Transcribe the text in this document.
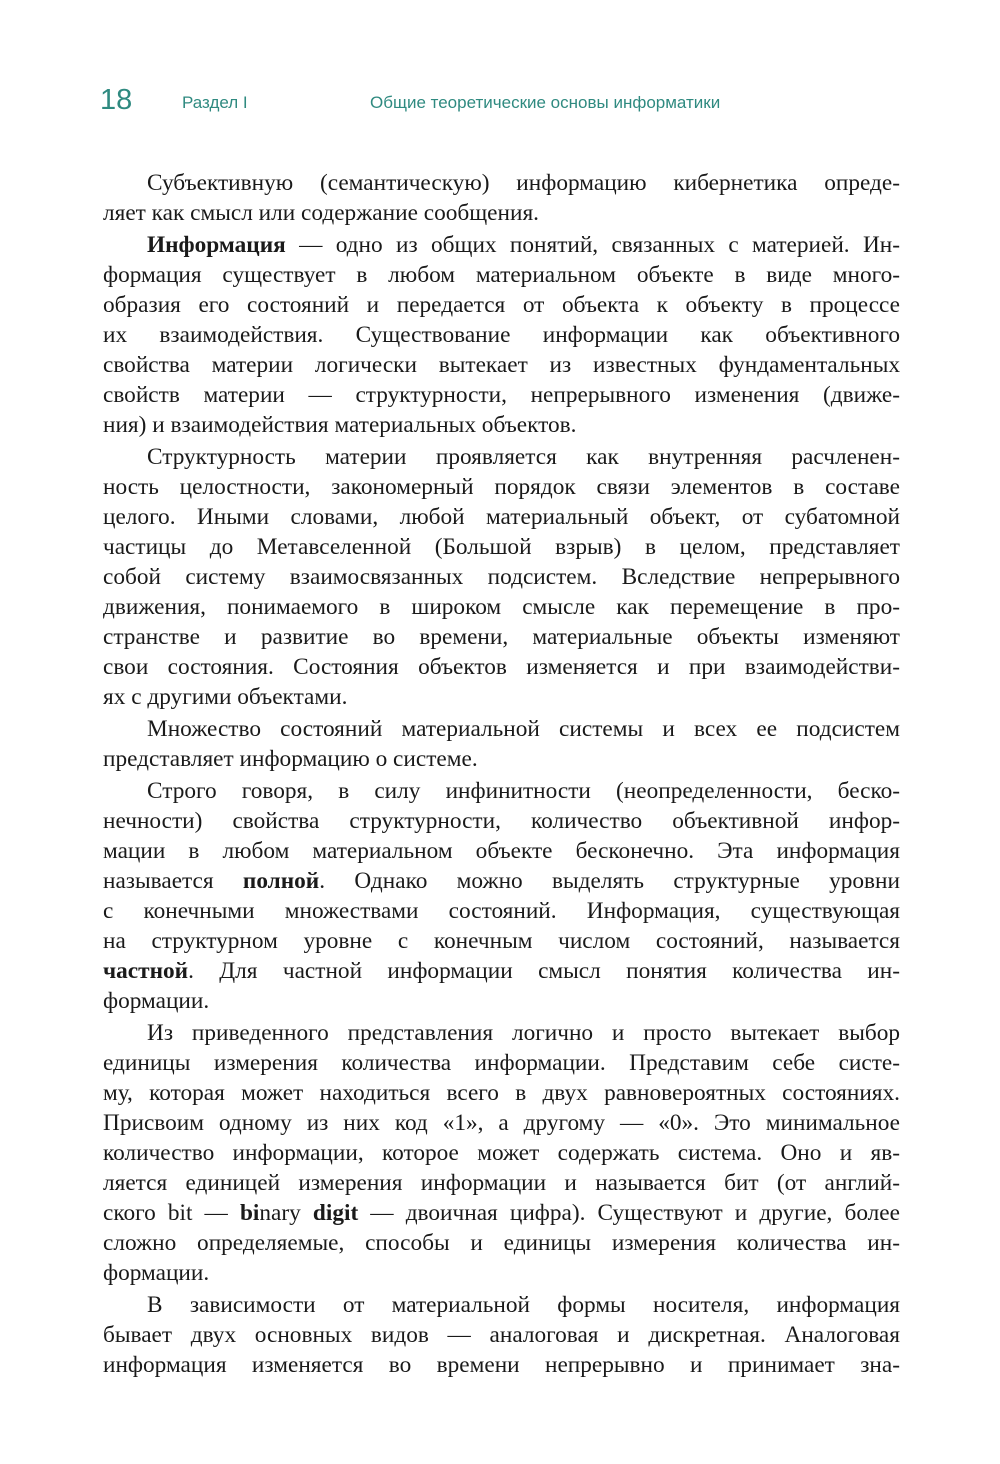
18	Раздел I	Общие теоретические основы информатики
Субъективную (семантическую) информацию кибернетика опреде-
ляет как смысл или содержание сообщения.
Информация — одно из общих понятий, связанных с материей. Ин-
формация существует в любом материальном объекте в виде много-
образия его состояний и передается от объекта к объекту в процессе
их взаимодействия. Существование информации как объективного
свойства материи логически вытекает из известных фундаментальных
свойств материи — структурности, непрерывного изменения (движе-
ния) и взаимодействия материальных объектов.
Структурность материи проявляется как внутренняя расчленен-
ность целостности, закономерный порядок связи элементов в составе
целого. Иными словами, любой материальный объект, от субатомной
частицы до Метавселенной (Большой взрыв) в целом, представляет
собой систему взаимосвязанных подсистем. Вследствие непрерывного
движения, понимаемого в широком смысле как перемещение в про-
странстве и развитие во времени, материальные объекты изменяют
свои состояния. Состояния объектов изменяется и при взаимодействи-
ях с другими объектами.
Множество состояний материальной системы и всех ее подсистем
представляет информацию о системе.
Строго говоря, в силу инфинитности (неопределенности, беско-
нечности) свойства структурности, количество объективной инфор-
мации в любом материальном объекте бесконечно. Эта информация
называется полной. Однако можно выделять структурные уровни
с конечными множествами состояний. Информация, существующая
на структурном уровне с конечным числом состояний, называется
частной. Для частной информации смысл понятия количества ин-
формации.
Из приведенного представления логично и просто вытекает выбор
единицы измерения количества информации. Представим себе систе-
му, которая может находиться всего в двух равновероятных состояниях.
Присвоим одному из них код «1», а другому — «0». Это минимальное
количество информации, которое может содержать система. Оно и яв-
ляется единицей измерения информации и называется бит (от англий-
ского bit — binary digit — двоичная цифра). Существуют и другие, более
сложно определяемые, способы и единицы измерения количества ин-
формации.
В зависимости от материальной формы носителя, информация
бывает двух основных видов — аналоговая и дискретная. Аналоговая
информация изменяется во времени непрерывно и принимает зна-
